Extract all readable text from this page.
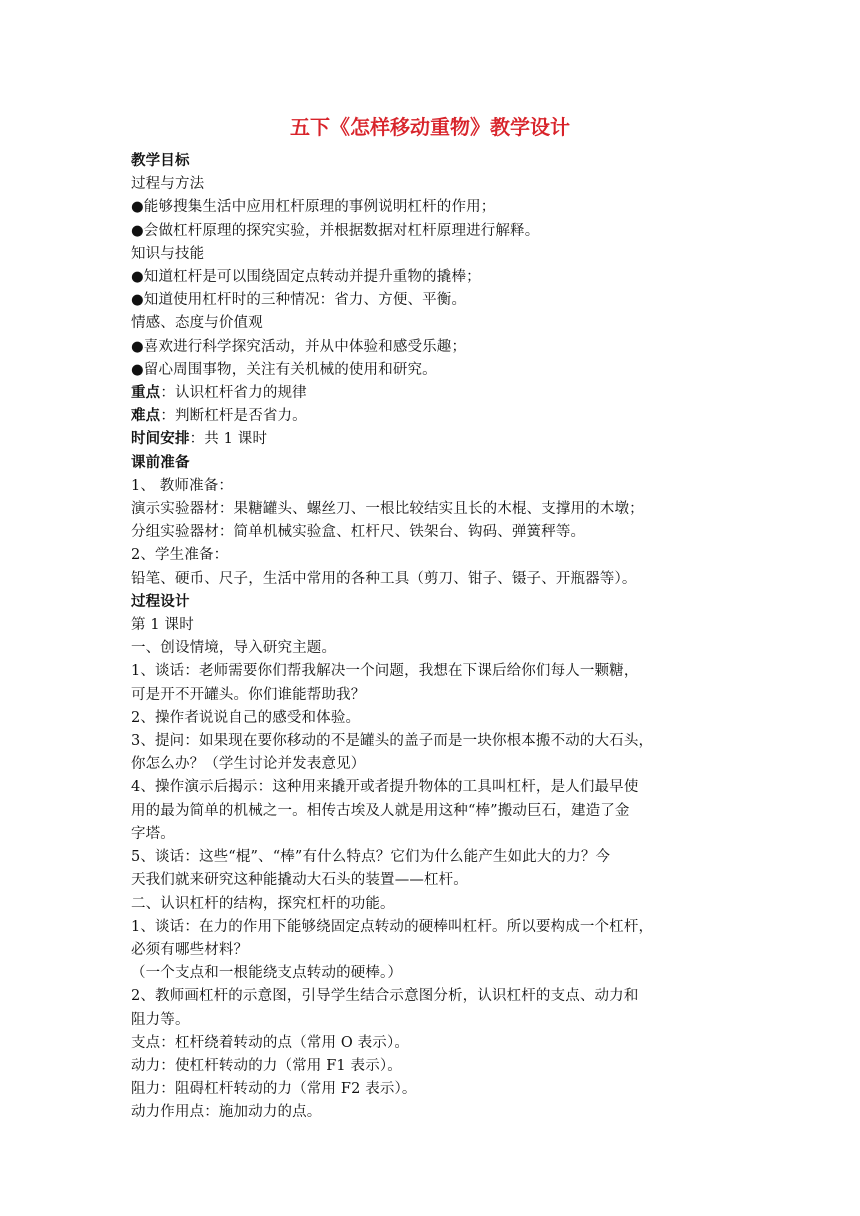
五下《怎样移动重物》教学设计
教学目标
过程与方法
●能够搜集生活中应用杠杆原理的事例说明杠杆的作用；
●会做杠杆原理的探究实验，并根据数据对杠杆原理进行解释。
知识与技能
●知道杠杆是可以围绕固定点转动并提升重物的撬棒；
●知道使用杠杆时的三种情况：省力、方便、平衡。
情感、态度与价值观
●喜欢进行科学探究活动，并从中体验和感受乐趣；
●留心周围事物，关注有关机械的使用和研究。
重点：认识杠杆省力的规律
难点：判断杠杆是否省力。
时间安排：共 1 课时
课前准备
1、 教师准备：
演示实验器材：果糖罐头、螺丝刀、一根比较结实且长的木棍、支撑用的木墩；
分组实验器材：简单机械实验盒、杠杆尺、铁架台、钩码、弹簧秤等。
2、学生准备：
铅笔、硬币、尺子，生活中常用的各种工具（剪刀、钳子、镊子、开瓶器等）。
过程设计
第 1 课时
一、创设情境，导入研究主题。
1、谈话：老师需要你们帮我解决一个问题，我想在下课后给你们每人一颗糖，
可是开不开罐头。你们谁能帮助我？
2、操作者说说自己的感受和体验。
3、提问：如果现在要你移动的不是罐头的盖子而是一块你根本搬不动的大石头，
你怎么办？（学生讨论并发表意见）
4、操作演示后揭示：这种用来撬开或者提升物体的工具叫杠杆，是人们最早使
用的最为简单的机械之一。相传古埃及人就是用这种“棒”搬动巨石，建造了金
字塔。
5、谈话：这些“棍”、“棒”有什么特点？它们为什么能产生如此大的力？今
天我们就来研究这种能撬动大石头的装置——杠杆。
二、认识杠杆的结构，探究杠杆的功能。
1、谈话：在力的作用下能够绕固定点转动的硬棒叫杠杆。所以要构成一个杠杆，
必须有哪些材料？
（一个支点和一根能绕支点转动的硬棒。）
2、教师画杠杆的示意图，引导学生结合示意图分析，认识杠杆的支点、动力和
阻力等。
支点：杠杆绕着转动的点（常用 O 表示）。
动力：使杠杆转动的力（常用 F1 表示）。
阻力：阻碍杠杆转动的力（常用 F2 表示）。
动力作用点：施加动力的点。
